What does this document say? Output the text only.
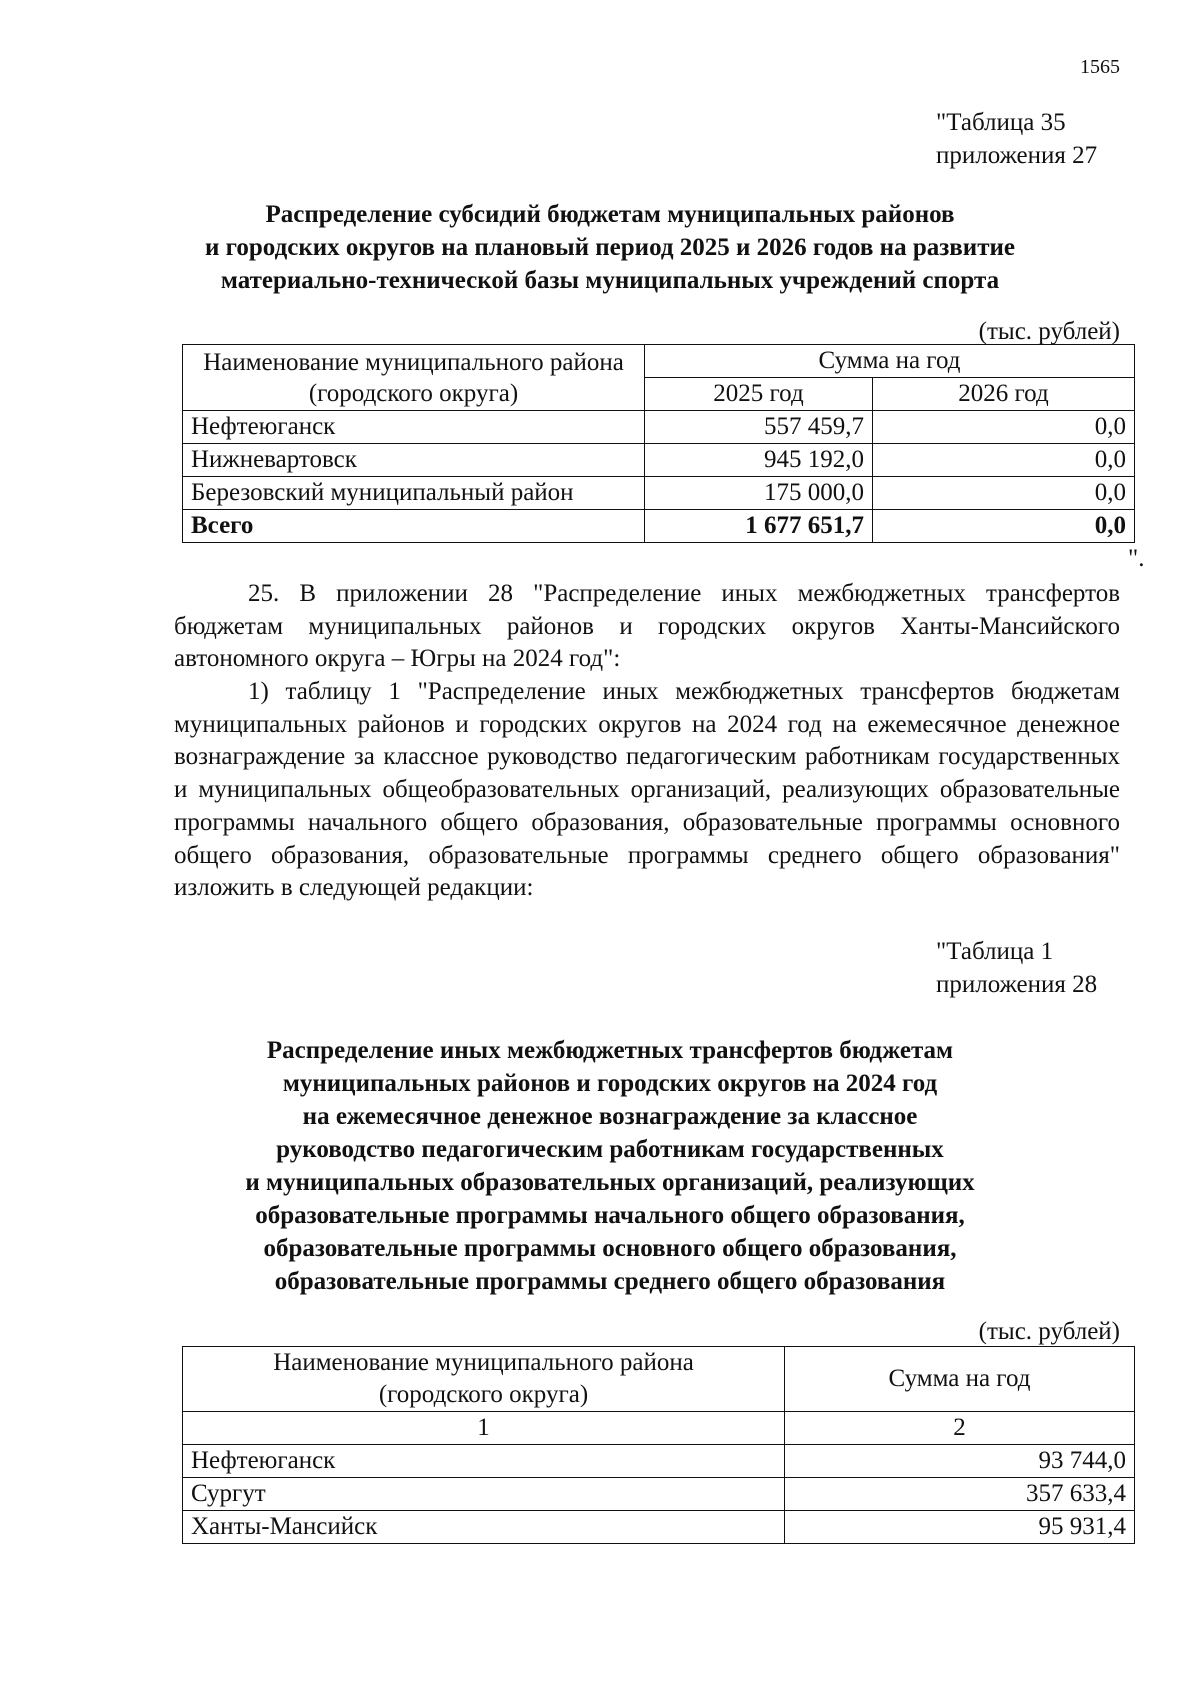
1565
"Таблица 35
приложения 27
Распределение субсидий бюджетам муниципальных районов
и городских округов на плановый период 2025 и 2026 годов на развитие
материально-технической базы муниципальных учреждений спорта
(тыс. рублей)
Наименование муниципального района (городского округа)	Сумма на год	
	2025 год	2026 год
Нефтеюганск	557 459,7	0,0
Нижневартовск	945 192,0	0,0
Березовский муниципальный район	175 000,0	0,0
Всего	1 677 651,7	0,0
".

25. В приложении 28 "Распределение иных межбюджетных трансфертов бюджетам муниципальных районов и городских округов Ханты-Мансийского автономного округа – Югры на 2024 год":

1) таблицу 1 "Распределение иных межбюджетных трансфертов бюджетам муниципальных районов и городских округов на 2024 год на ежемесячное денежное вознаграждение за классное руководство педагогическим работникам государственных и муниципальных общеобразовательных организаций, реализующих образовательные программы начального общего образования, образовательные программы основного общего образования, образовательные программы среднего общего образования" изложить в следующей редакции:

"Таблица 1
приложения 28
Распределение иных межбюджетных трансфертов бюджетам
муниципальных районов и городских округов на 2024 год
на ежемесячное денежное вознаграждение за классное
руководство педагогическим работникам государственных
и муниципальных образовательных организаций, реализующих
образовательные программы начального общего образования,
образовательные программы основного общего образования,
образовательные программы среднего общего образования
(тыс. рублей)
Наименование муниципального района (городского округа)	Сумма на год
1	2
Нефтеюганск	93 744,0
Сургут	357 633,4
Ханты-Мансийск	95 931,4
